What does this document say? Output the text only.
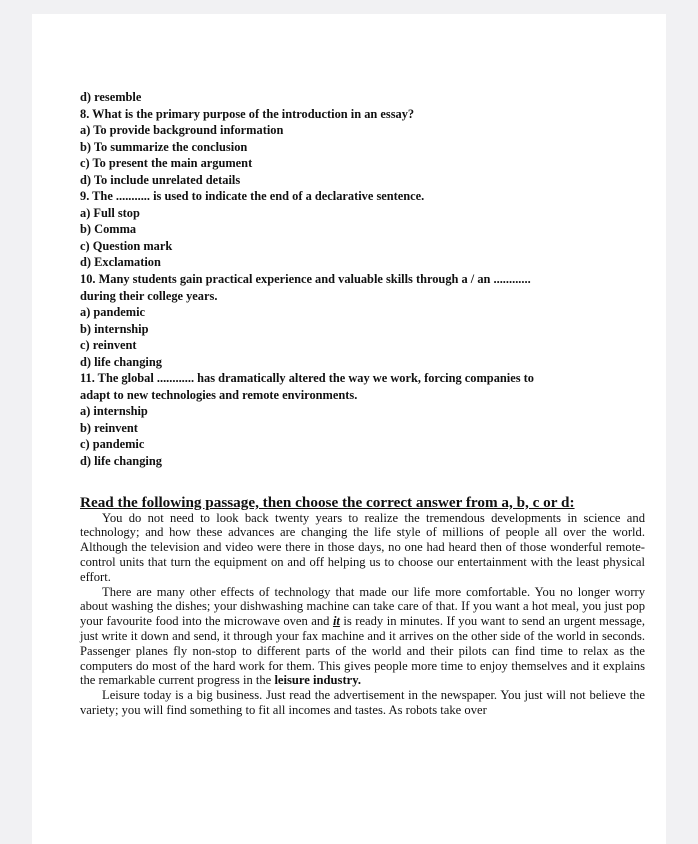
d) resemble
8. What is the primary purpose of the introduction in an essay?
a) To provide background information
b) To summarize the conclusion
c) To present the main argument
d) To include unrelated details
9. The ........... is used to indicate the end of a declarative sentence.
a) Full stop
b) Comma
c) Question mark
d) Exclamation
10. Many students gain practical experience and valuable skills through a / an ............
during their college years.
a) pandemic
b) internship
c) reinvent
d) life changing
11. The global ............ has dramatically altered the way we work, forcing companies to
adapt to new technologies and remote environments.
a) internship
b) reinvent
c) pandemic
d) life changing
Read the following passage, then choose the correct answer from a, b, c or d:

You do not need to look back twenty years to realize the tremendous developments in science and technology; and how these advances are changing the life style of millions of people all over the world. Although the television and video were there in those days, no one had heard then of those wonderful remote-control units that turn the equipment on and off helping us to choose our entertainment with the least physical effort.

There are many other effects of technology that made our life more comfortable. You no longer worry about washing the dishes; your dishwashing machine can take care of that. If you want a hot meal, you just pop your favourite food into the microwave oven and it is ready in minutes. If you want to send an urgent message, just write it down and send, it through your fax machine and it arrives on the other side of the world in seconds. Passenger planes fly non-stop to different parts of the world and their pilots can find time to relax as the computers do most of the hard work for them. This gives people more time to enjoy themselves and it explains the remarkable current progress in the leisure industry.

Leisure today is a big business. Just read the advertisement in the newspaper. You just will not believe the variety; you will find something to fit all incomes and tastes. As robots take over
